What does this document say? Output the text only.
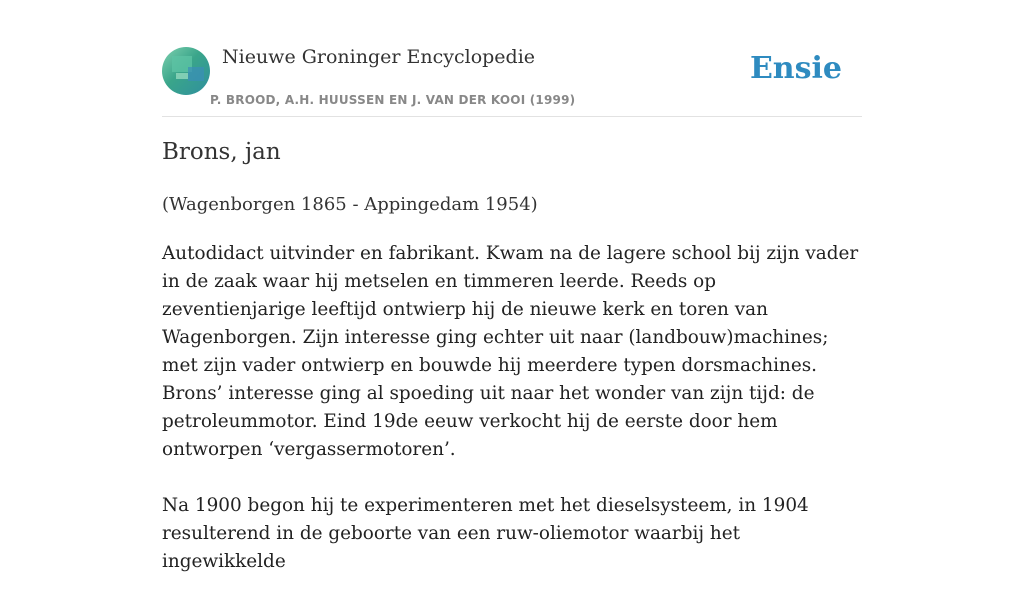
Nieuwe Groninger Encyclopedie
P. BROOD, A.H. HUUSSEN EN J. VAN DER KOOI (1999)
Ensie
Brons, jan
(Wagenborgen 1865 - Appingedam 1954)

Autodidact uitvinder en fabrikant. Kwam na de lagere school bij zijn vader in de zaak waar hij metselen en timmeren leerde. Reeds op zeventienjarige leeftijd ontwierp hij de nieuwe kerk en toren van Wagenborgen. Zijn interesse ging echter uit naar (landbouw)machines; met zijn vader ontwierp en bouwde hij meerdere typen dorsmachines. Brons’ interesse ging al spoeding uit naar het wonder van zijn tijd: de petroleummotor. Eind 19de eeuw verkocht hij de eerste door hem ontworpen ‘vergassermotoren’.

Na 1900 begon hij te experimenteren met het dieselsysteem, in 1904 resulterend in de geboorte van een ruw-oliemotor waarbij het ingewikkelde
